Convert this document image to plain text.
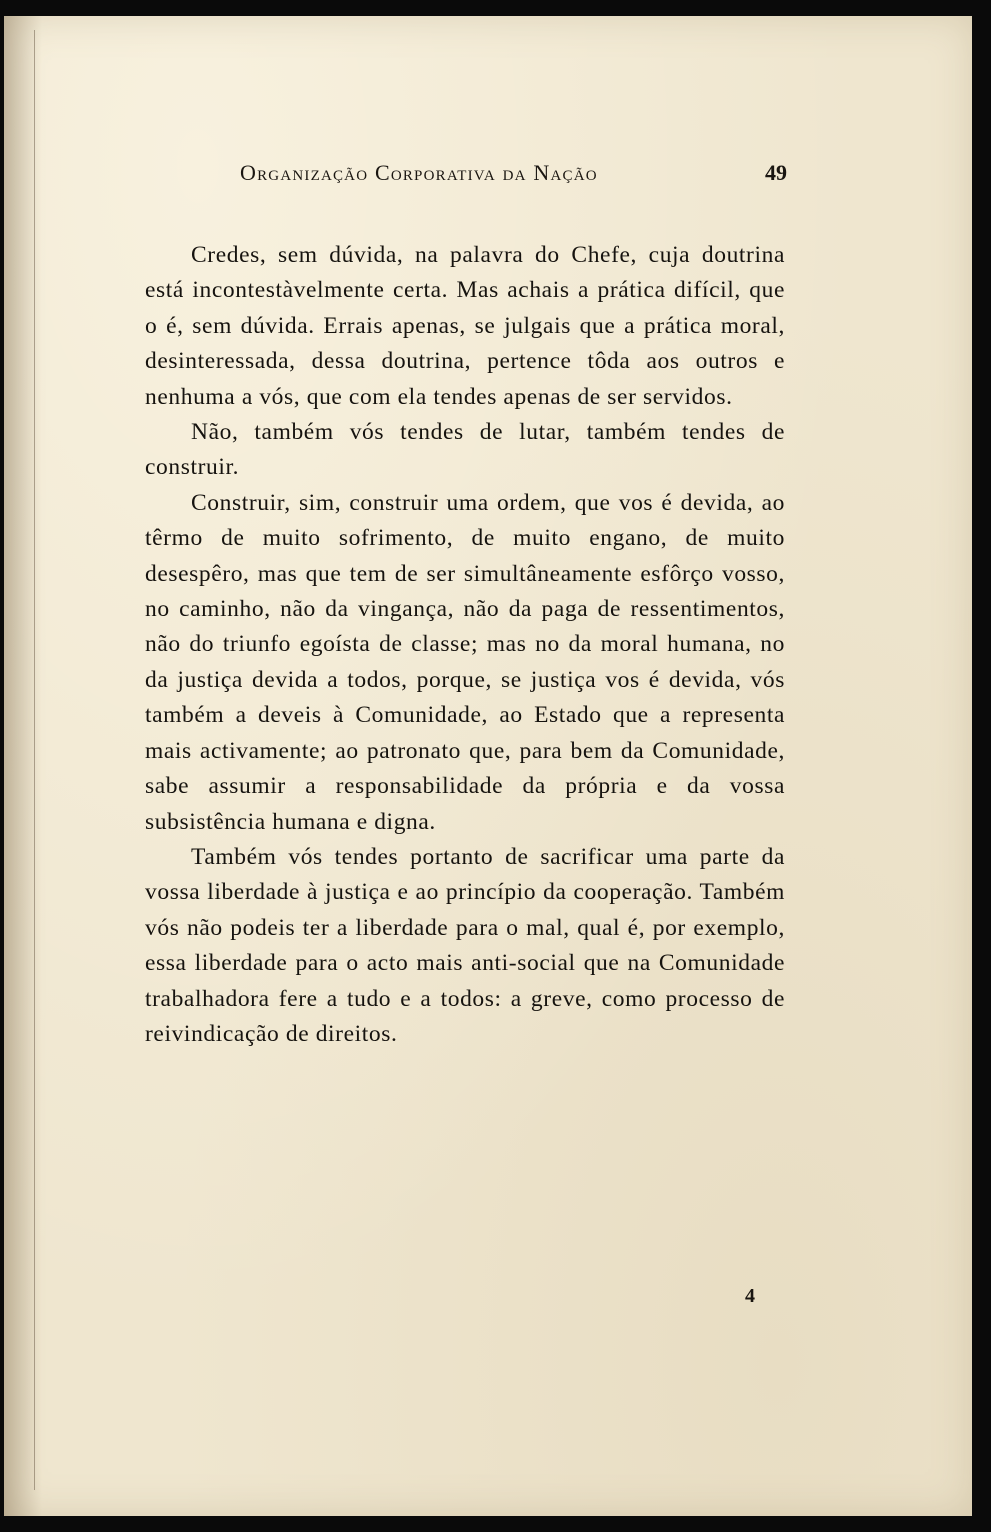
Organização Corporativa da Nação	49

Credes, sem dúvida, na palavra do Chefe, cuja doutrina está incontestàvelmente certa. Mas achais a prática difícil, que o é, sem dúvida. Errais apenas, se julgais que a prática moral, desinteressada, dessa doutrina, pertence tôda aos outros e nenhuma a vós, que com ela tendes apenas de ser servidos.

Não, também vós tendes de lutar, também tendes de construir.

Construir, sim, construir uma ordem, que vos é devida, ao têrmo de muito sofrimento, de muito engano, de muito desespêro, mas que tem de ser simultâneamente esfôrço vosso, no caminho, não da vingança, não da paga de ressentimentos, não do triunfo egoísta de classe; mas no da moral humana, no da justiça devida a todos, porque, se justiça vos é devida, vós também a deveis à Comunidade, ao Estado que a representa mais activamente; ao patronato que, para bem da Comunidade, sabe assumir a responsabilidade da própria e da vossa subsistência humana e digna.

Também vós tendes portanto de sacrificar uma parte da vossa liberdade à justiça e ao princípio da cooperação. Também vós não podeis ter a liberdade para o mal, qual é, por exemplo, essa liberdade para o acto mais anti-social que na Comunidade trabalhadora fere a tudo e a todos: a greve, como processo de reivindicação de direitos.

4
